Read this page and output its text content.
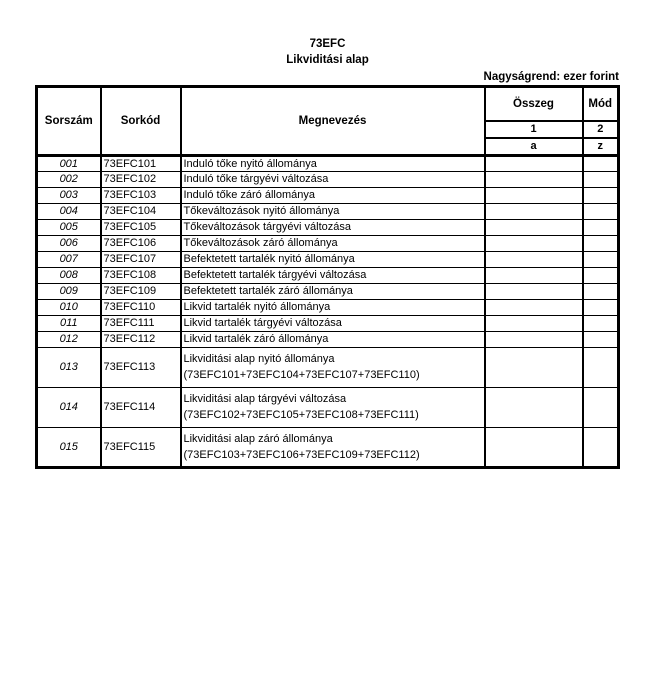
73EFC
Likviditási alap
Nagyságrend: ezer forint
Sorszám	Sorkód	Megnevezés	Összeg	Mód
			1	2
			a	z
001	73EFC101	Induló tőke nyitó állománya		
002	73EFC102	Induló tőke tárgyévi változása		
003	73EFC103	Induló tőke záró állománya		
004	73EFC104	Tőkeváltozások nyitó állománya		
005	73EFC105	Tőkeváltozások tárgyévi változása		
006	73EFC106	Tőkeváltozások záró állománya		
007	73EFC107	Befektetett tartalék nyitó állománya		
008	73EFC108	Befektetett tartalék tárgyévi változása		
009	73EFC109	Befektetett tartalék záró állománya		
010	73EFC110	Likvid tartalék nyitó állománya		
011	73EFC111	Likvid tartalék tárgyévi változása		
012	73EFC112	Likvid tartalék záró állománya		
013	73EFC113	Likviditási alap nyitó állománya
(73EFC101+73EFC104+73EFC107+73EFC110)		

014	73EFC114	Likviditási alap tárgyévi változása
(73EFC102+73EFC105+73EFC108+73EFC111)		

015	73EFC115	Likviditási alap záró állománya
(73EFC103+73EFC106+73EFC109+73EFC112)		
